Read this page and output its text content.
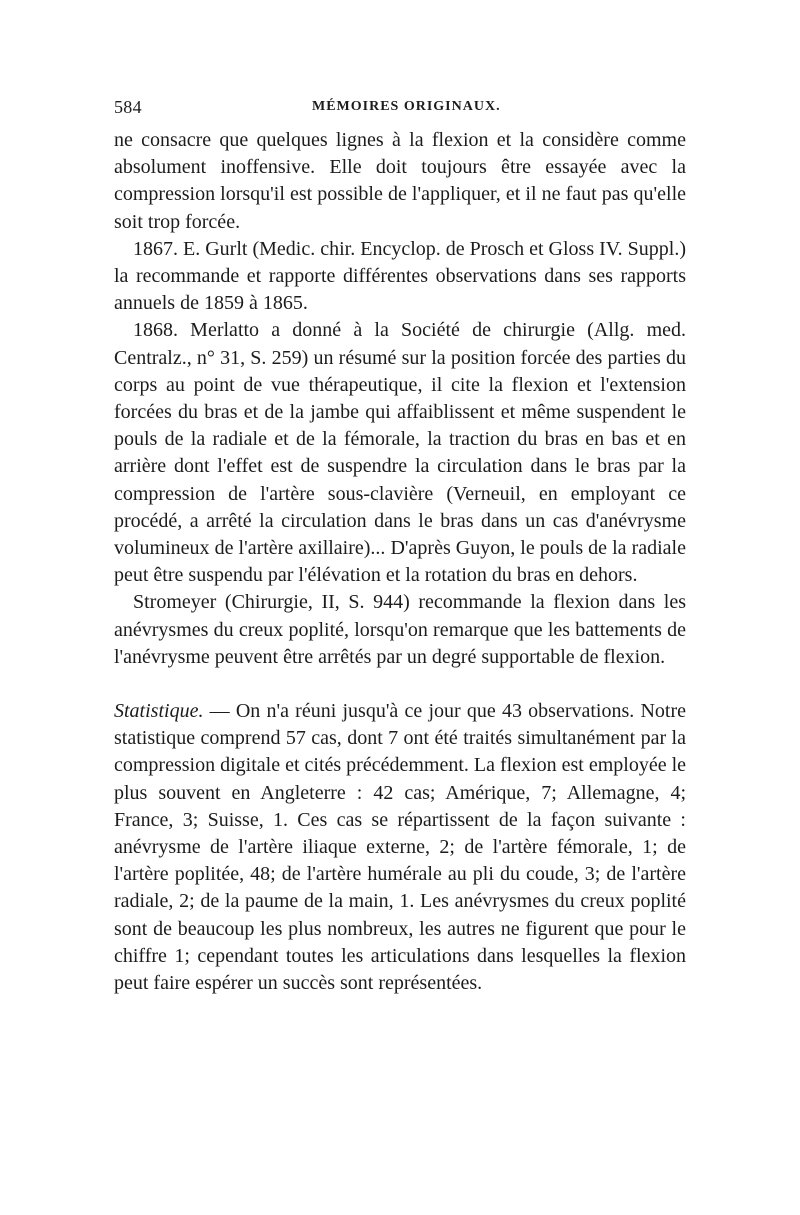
584	MÉMOIRES ORIGINAUX.

ne consacre que quelques lignes à la flexion et la considère comme absolument inoffensive. Elle doit toujours être essayée avec la compression lorsqu'il est possible de l'appliquer, et il ne faut pas qu'elle soit trop forcée.

1867. E. Gurlt (Medic. chir. Encyclop. de Prosch et Gloss IV. Suppl.) la recommande et rapporte différentes observations dans ses rapports annuels de 1859 à 1865.

1868. Merlatto a donné à la Société de chirurgie (Allg. med. Centralz., n° 31, S. 259) un résumé sur la position forcée des parties du corps au point de vue thérapeutique, il cite la flexion et l'extension forcées du bras et de la jambe qui affaiblissent et même suspendent le pouls de la radiale et de la fémorale, la traction du bras en bas et en arrière dont l'effet est de suspendre la circulation dans le bras par la compression de l'artère sous-clavière (Verneuil, en employant ce procédé, a arrêté la circulation dans le bras dans un cas d'anévrysme volumineux de l'artère axillaire)... D'après Guyon, le pouls de la radiale peut être suspendu par l'élévation et la rotation du bras en dehors.

Stromeyer (Chirurgie, II, S. 944) recommande la flexion dans les anévrysmes du creux poplité, lorsqu'on remarque que les battements de l'anévrysme peuvent être arrêtés par un degré supportable de flexion.

Statistique. — On n'a réuni jusqu'à ce jour que 43 observations. Notre statistique comprend 57 cas, dont 7 ont été traités simultanément par la compression digitale et cités précédemment. La flexion est employée le plus souvent en Angleterre : 42 cas; Amérique, 7; Allemagne, 4; France, 3; Suisse, 1. Ces cas se répartissent de la façon suivante : anévrysme de l'artère iliaque externe, 2; de l'artère fémorale, 1; de l'artère poplitée, 48; de l'artère humérale au pli du coude, 3; de l'artère radiale, 2; de la paume de la main, 1. Les anévrysmes du creux poplité sont de beaucoup les plus nombreux, les autres ne figurent que pour le chiffre 1; cependant toutes les articulations dans lesquelles la flexion peut faire espérer un succès sont représentées.
